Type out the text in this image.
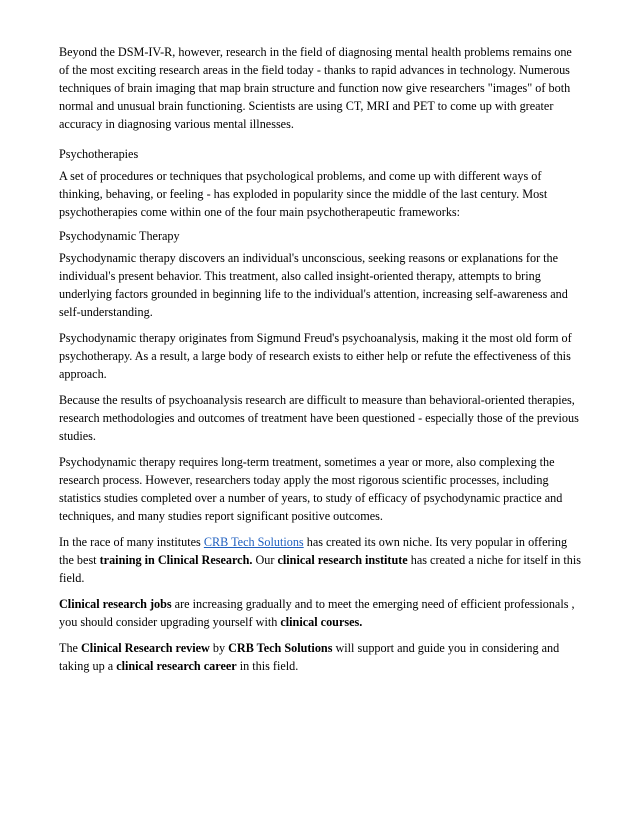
Beyond the DSM-IV-R, however, research in the field of diagnosing mental health problems remains one of the most exciting research areas in the field today - thanks to rapid advances in technology. Numerous techniques of brain imaging that map brain structure and function now give researchers "images" of both normal and unusual brain functioning. Scientists are using CT, MRI and PET to come up with greater accuracy in diagnosing various mental illnesses.

Psychotherapies

A set of procedures or techniques that psychological problems, and come up with different ways of thinking, behaving, or feeling - has exploded in popularity since the middle of the last century. Most psychotherapies come within one of the four main psychotherapeutic frameworks:

Psychodynamic Therapy

Psychodynamic therapy discovers an individual's unconscious, seeking reasons or explanations for the individual's present behavior. This treatment, also called insight-oriented therapy, attempts to bring underlying factors grounded in beginning life to the individual's attention, increasing self-awareness and self-understanding.

Psychodynamic therapy originates from Sigmund Freud's psychoanalysis, making it the most old form of psychotherapy. As a result, a large body of research exists to either help or refute the effectiveness of this approach.

Because the results of psychoanalysis research are difficult to measure than behavioral-oriented therapies, research methodologies and outcomes of treatment have been questioned - especially those of the previous studies.

Psychodynamic therapy requires long-term treatment, sometimes a year or more, also complexing the research process. However, researchers today apply the most rigorous scientific processes, including statistics studies completed over a number of years, to study of efficacy of psychodynamic practice and techniques, and many studies report significant positive outcomes.

In the race of many institutes CRB Tech Solutions has created its own niche. Its very popular in offering the best training in Clinical Research. Our clinical research institute has created a niche for itself in this field.

Clinical research jobs are increasing gradually and to meet the emerging need of efficient professionals , you should consider upgrading yourself with clinical courses.

The Clinical Research review by CRB Tech Solutions will support and guide you in considering and taking up a clinical research career in this field.
